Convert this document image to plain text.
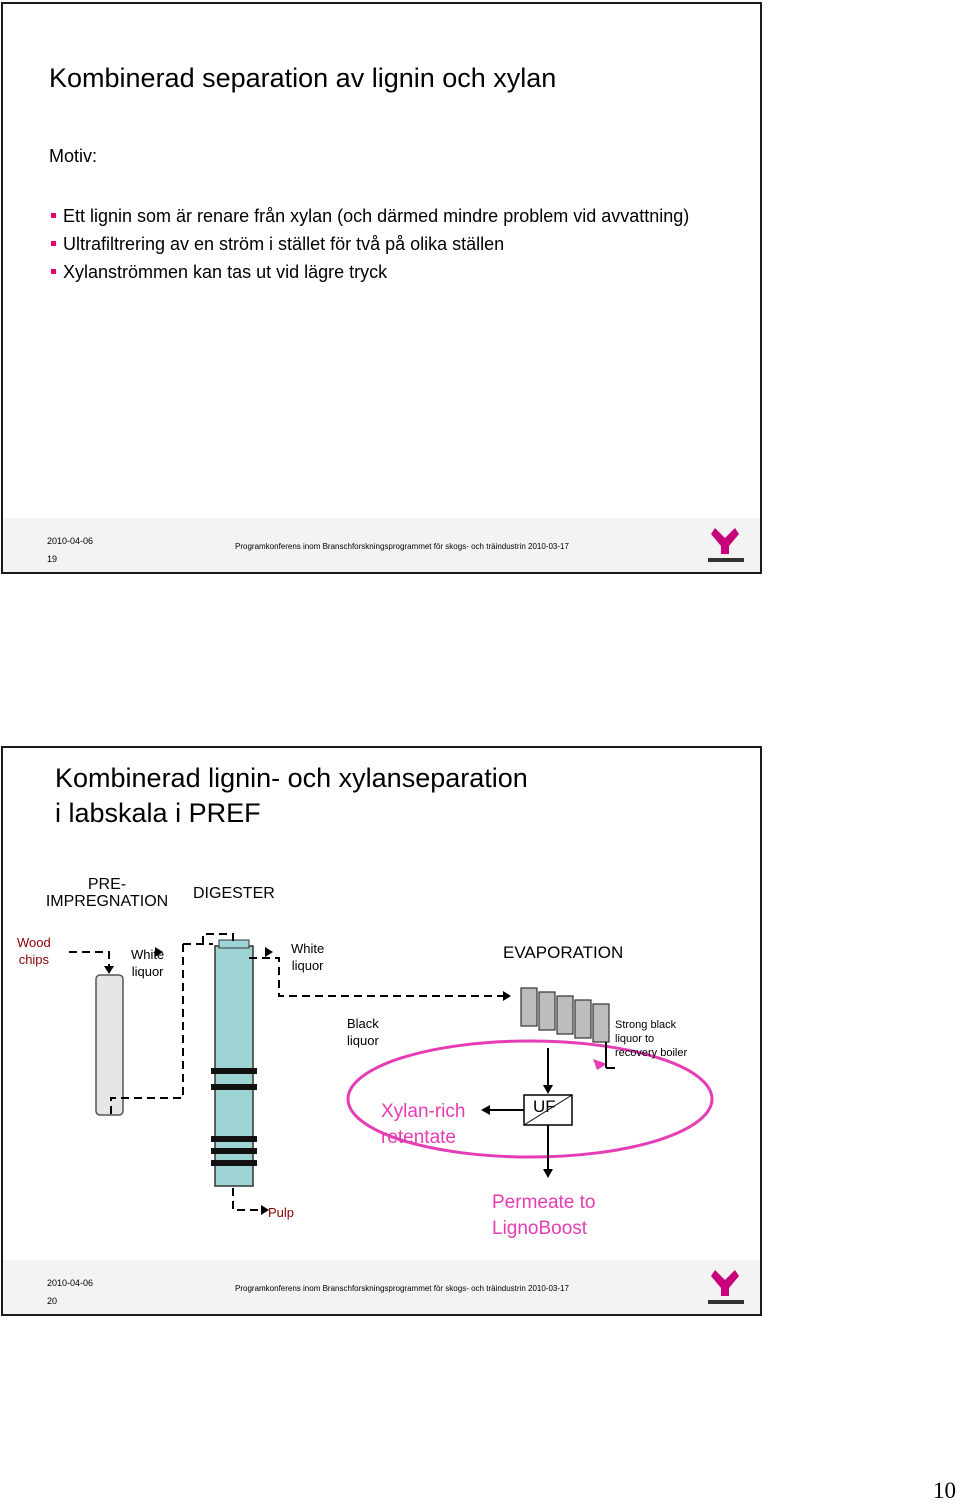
Kombinerad separation av lignin och xylan
Motiv:
Ett lignin som är renare från xylan (och därmed mindre problem vid avvattning)
Ultrafiltrering av en ström i stället för två på olika ställen
Xylanströmmen kan tas ut vid lägre tryck
2010-04-06
19
Programkonferens inom Branschforskningsprogrammet för skogs- och träindustrin 2010-03-17
Kombinerad lignin- och xylanseparation
i labskala i PREF
PRE-
IMPREGNATION	DIGESTER
Wood
chips	White
liquor
White
liquor
EVAPORATION
Black
liquor
Strong black
liquor to
recovery boiler
Xylan-rich
retentate
UF
Pulp	Permeate to
LignoBoost
2010-04-06
20
Programkonferens inom Branschforskningsprogrammet för skogs- och träindustrin 2010-03-17
10
